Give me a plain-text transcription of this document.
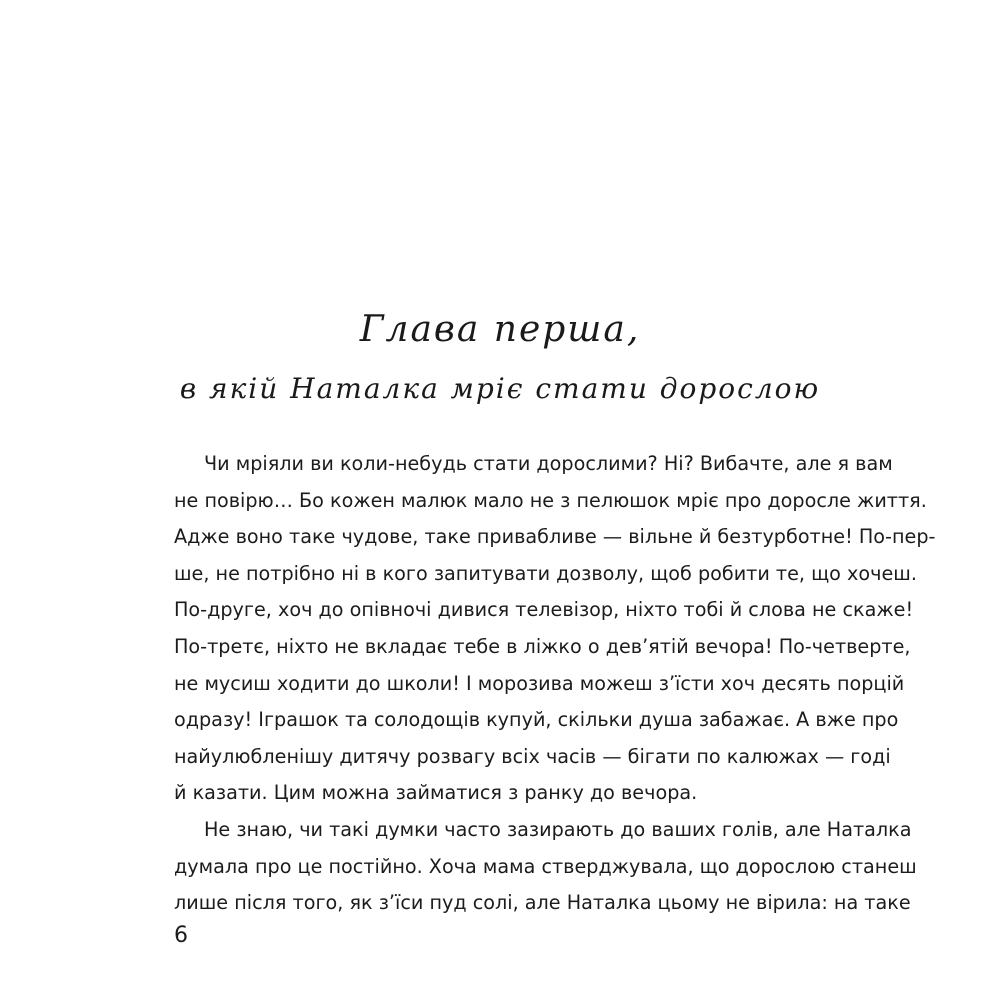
Глава перша,
в якій Наталка мріє стати дорослою
Чи мріяли ви коли-небудь стати дорослими? Ні? Вибачте, але я вам
не повірю… Бо кожен малюк мало не з пелюшок мріє про доросле життя.
Адже воно таке чудове, таке привабливе — вільне й безтурботне! По-пер-
ше, не потрібно ні в кого запитувати дозволу, щоб робити те, що хочеш.
По-друге, хоч до опівночі дивися телевізор, ніхто тобі й слова не скаже!
По-третє, ніхто не вкладає тебе в ліжко о дев’ятій вечора! По-четверте,
не мусиш ходити до школи! І морозива можеш з’їсти хоч десять порцій
одразу! Іграшок та солодощів купуй, скільки душа забажає. А вже про
найулюбленішу дитячу розвагу всіх часів — бігати по калюжах — годі
й казати. Цим можна займатися з ранку до вечора.
Не знаю, чи такі думки часто зазирають до ваших голів, але Наталка
думала про це постійно. Хоча мама стверджувала, що дорослою станеш
лише після того, як з’їси пуд солі, але Наталка цьому не вірила: на таке
6
